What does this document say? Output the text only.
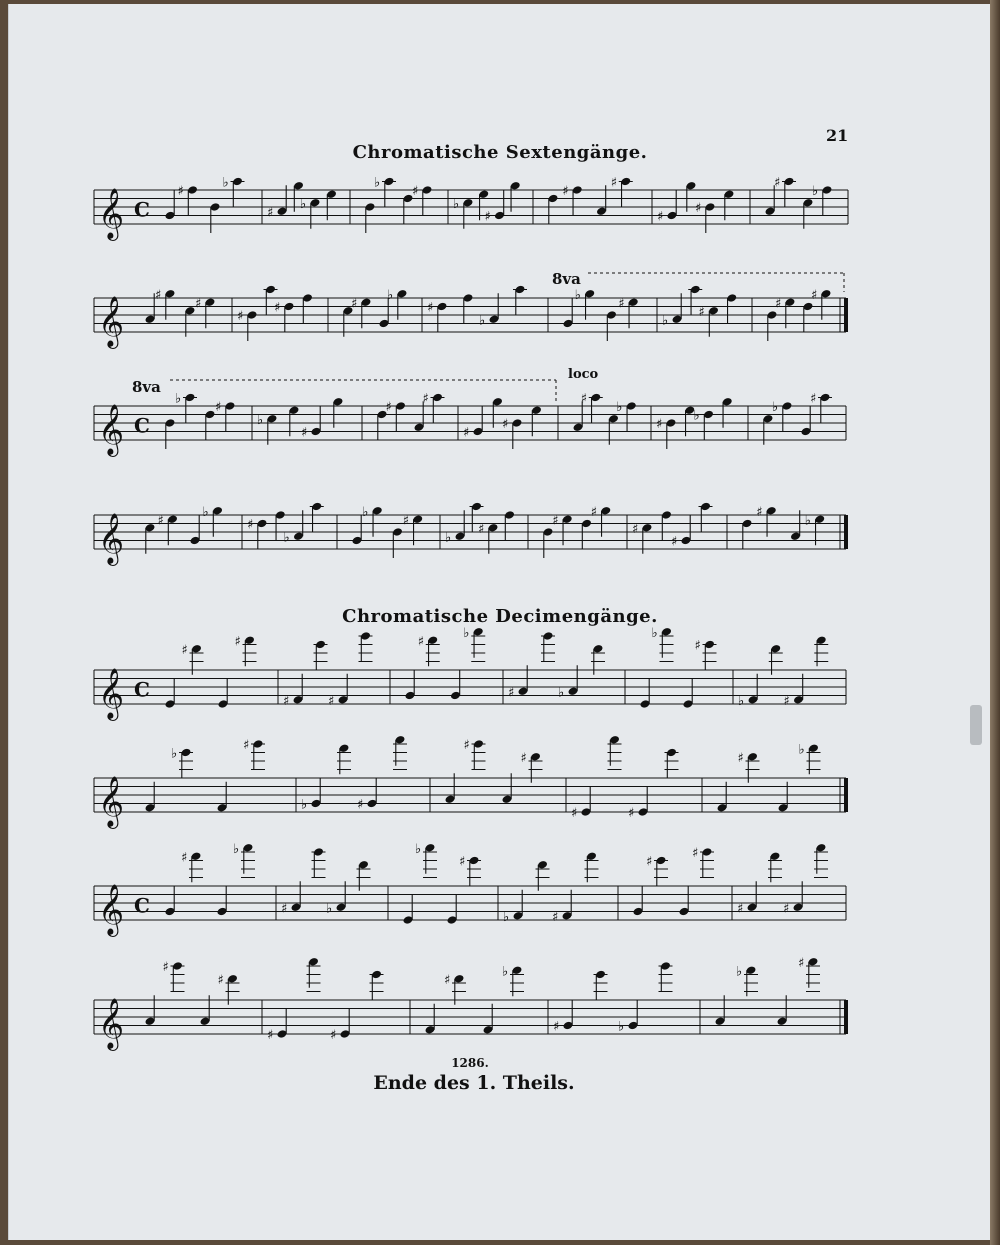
21
Chromatische Sextengänge.
Chromatische Decimengänge.
𝄞 C
𝄞
𝄞 C
𝄞
𝄞 C
𝄞
𝄞 C
𝄞
♯
♭
♯
♭
♭
♯
♭
♯
♯
♯
♯
♯
♯
♭
♯
♯
♯
♯	♯
♭
♯
♭
♭
♯
♭
♯
♯
♯
♭
♯
♭
♯
♯
♯
♯
♯
♯
♭
♯
♭
♭
♯
♯
♭
♯
♭
♭
♯
♭
♯
♯
♯
♯
♯
♯
♭
♯
♯
♯	♯
♯
♭
♯	♭
♭
♯
♭	♯
♭
♯
♭	♯
♯
♯
♯	♯
♯
♭
♯
♭
♯	♭
♭
♯
♭	♯
♯
♯
♯	♯
♯
♯
♯	♯
♯
♭
♯	♭
♭
♯
8va
8va
loco
1286.
Ende des 1. Theils.
